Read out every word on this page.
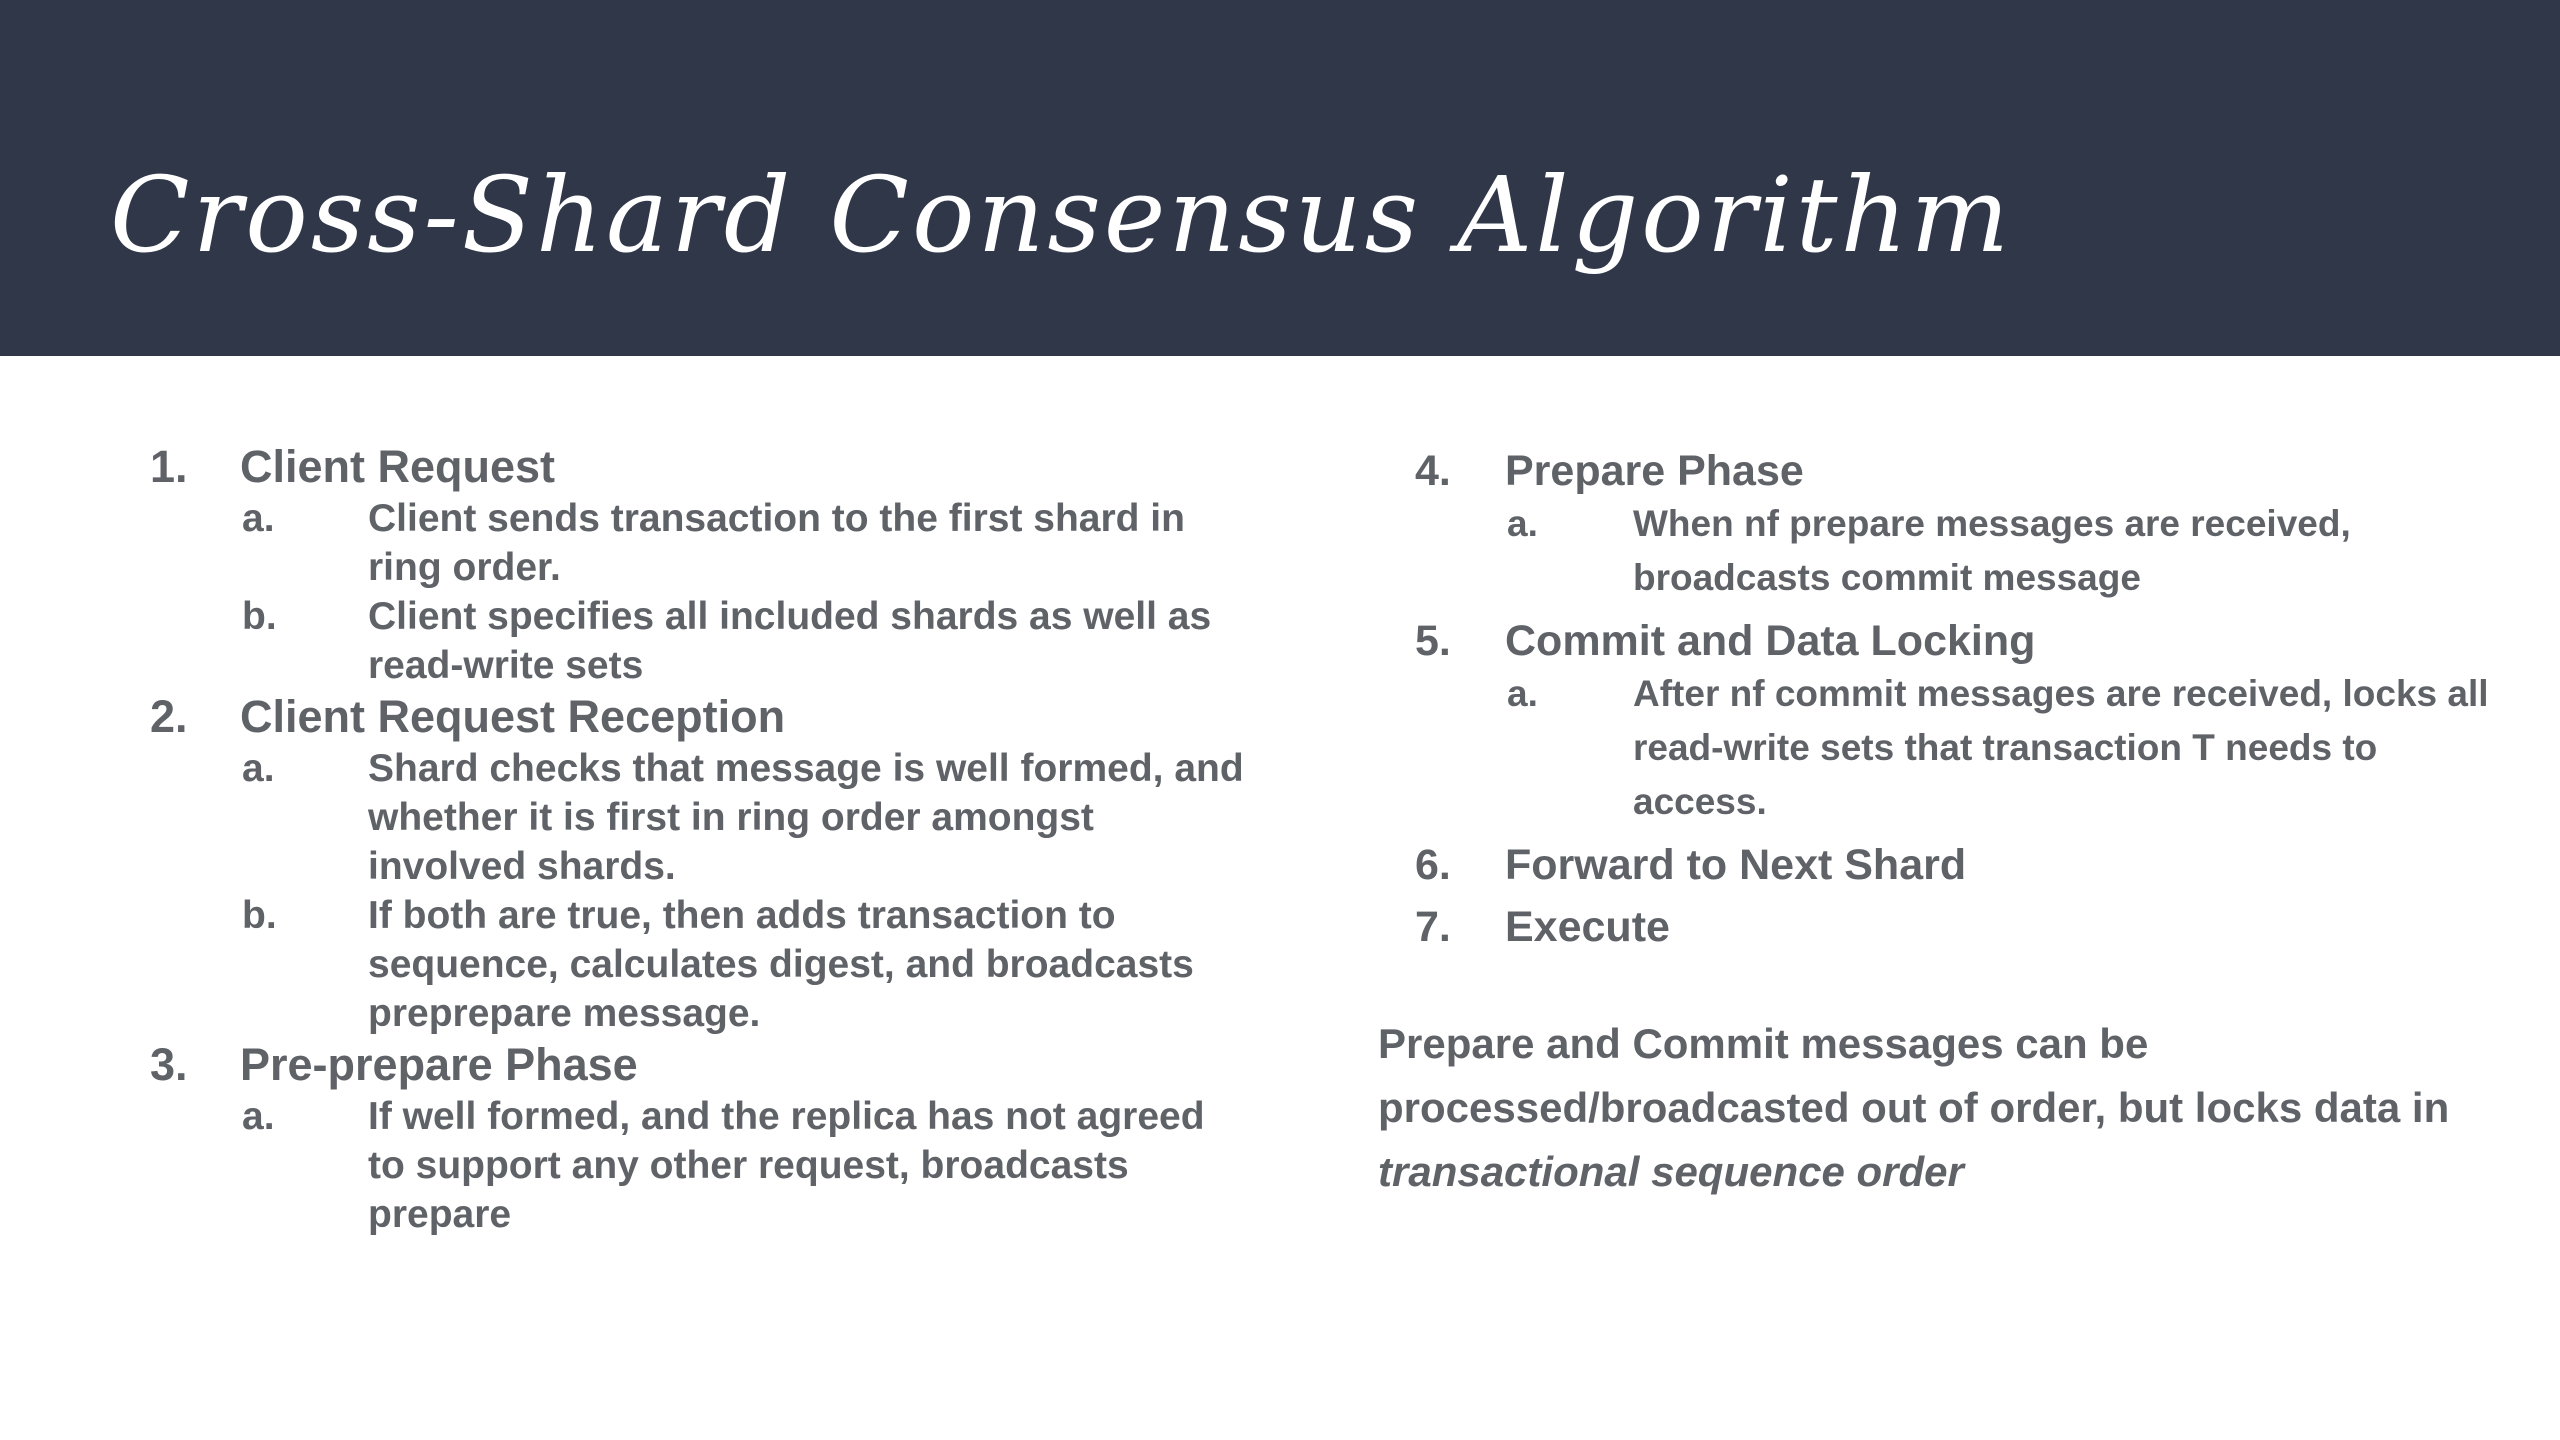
Cross-Shard Consensus Algorithm
1. Client Request
a. Client sends transaction to the first shard in ring order.
b. Client specifies all included shards as well as read-write sets
2. Client Request Reception
a. Shard checks that message is well formed, and whether it is first in ring order amongst involved shards.
b. If both are true, then adds transaction to sequence, calculates digest, and broadcasts preprepare message.
3. Pre-prepare Phase
a. If well formed, and the replica has not agreed to support any other request, broadcasts prepare
4. Prepare Phase
a.	When nf prepare messages are received, broadcasts commit message
5. Commit and Data Locking
a.	After nf commit messages are received, locks all read-write sets that transaction T needs to access.
6. Forward to Next Shard
7. Execute

Prepare and Commit messages can be processed/broadcasted out of order, but locks data in transactional sequence order
